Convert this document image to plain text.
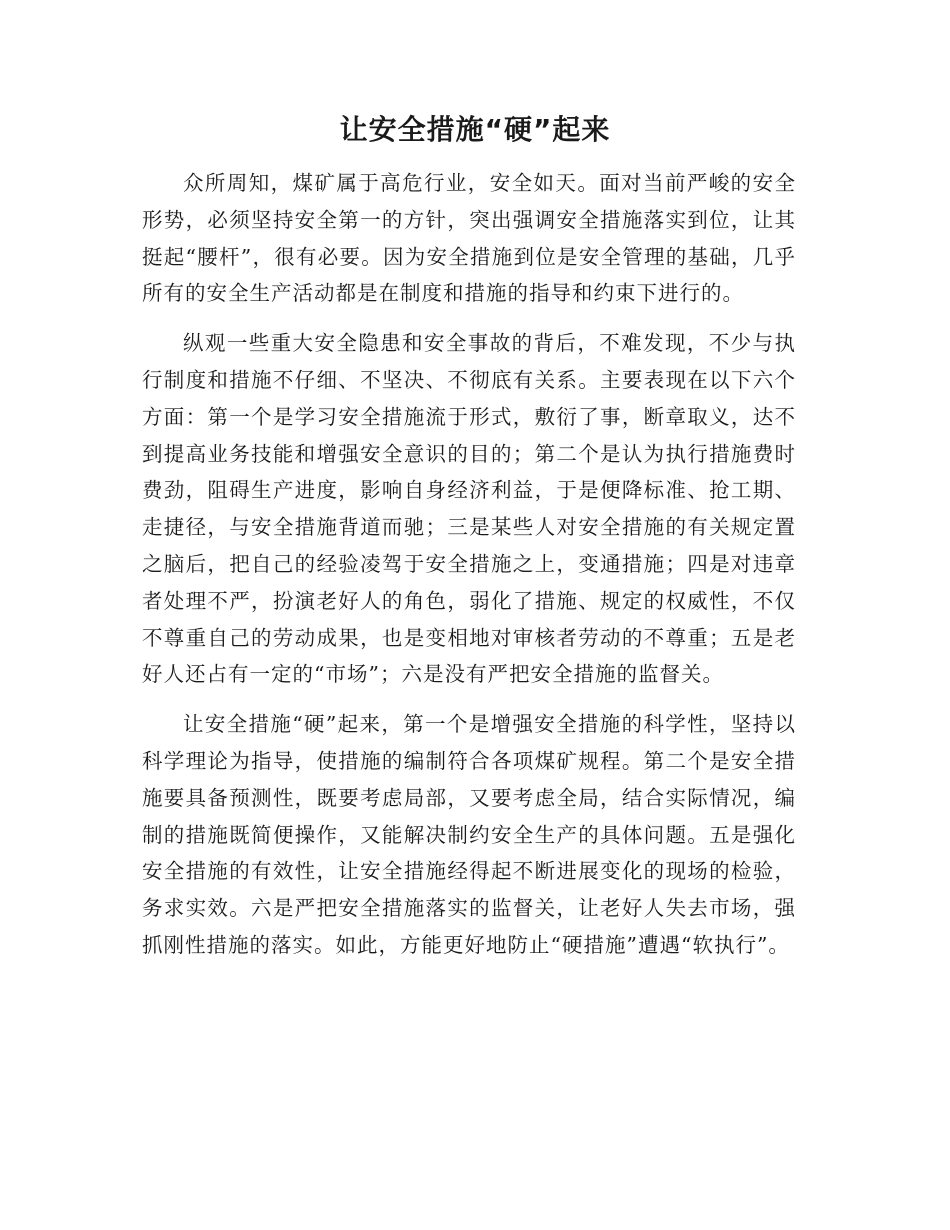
让安全措施“硬”起来

众所周知，煤矿属于高危行业，安全如天。面对当前严峻的安全形势，必须坚持安全第一的方针，突出强调安全措施落实到位，让其挺起“腰杆”，很有必要。因为安全措施到位是安全管理的基础，几乎所有的安全生产活动都是在制度和措施的指导和约束下进行的。

纵观一些重大安全隐患和安全事故的背后，不难发现，不少与执行制度和措施不仔细、不坚决、不彻底有关系。主要表现在以下六个方面：第一个是学习安全措施流于形式，敷衍了事，断章取义，达不到提高业务技能和增强安全意识的目的；第二个是认为执行措施费时费劲，阻碍生产进度，影响自身经济利益，于是便降标准、抢工期、走捷径，与安全措施背道而驰；三是某些人对安全措施的有关规定置之脑后，把自己的经验凌驾于安全措施之上，变通措施；四是对违章者处理不严，扮演老好人的角色，弱化了措施、规定的权威性，不仅不尊重自己的劳动成果，也是变相地对审核者劳动的不尊重；五是老好人还占有一定的“市场”；六是没有严把安全措施的监督关。

让安全措施“硬”起来，第一个是增强安全措施的科学性，坚持以科学理论为指导，使措施的编制符合各项煤矿规程。第二个是安全措施要具备预测性，既要考虑局部，又要考虑全局，结合实际情况，编制的措施既简便操作，又能解决制约安全生产的具体问题。五是强化安全措施的有效性，让安全措施经得起不断进展变化的现场的检验，务求实效。六是严把安全措施落实的监督关，让老好人失去市场，强抓刚性措施的落实。如此，方能更好地防止“硬措施”遭遇“软执行”。
